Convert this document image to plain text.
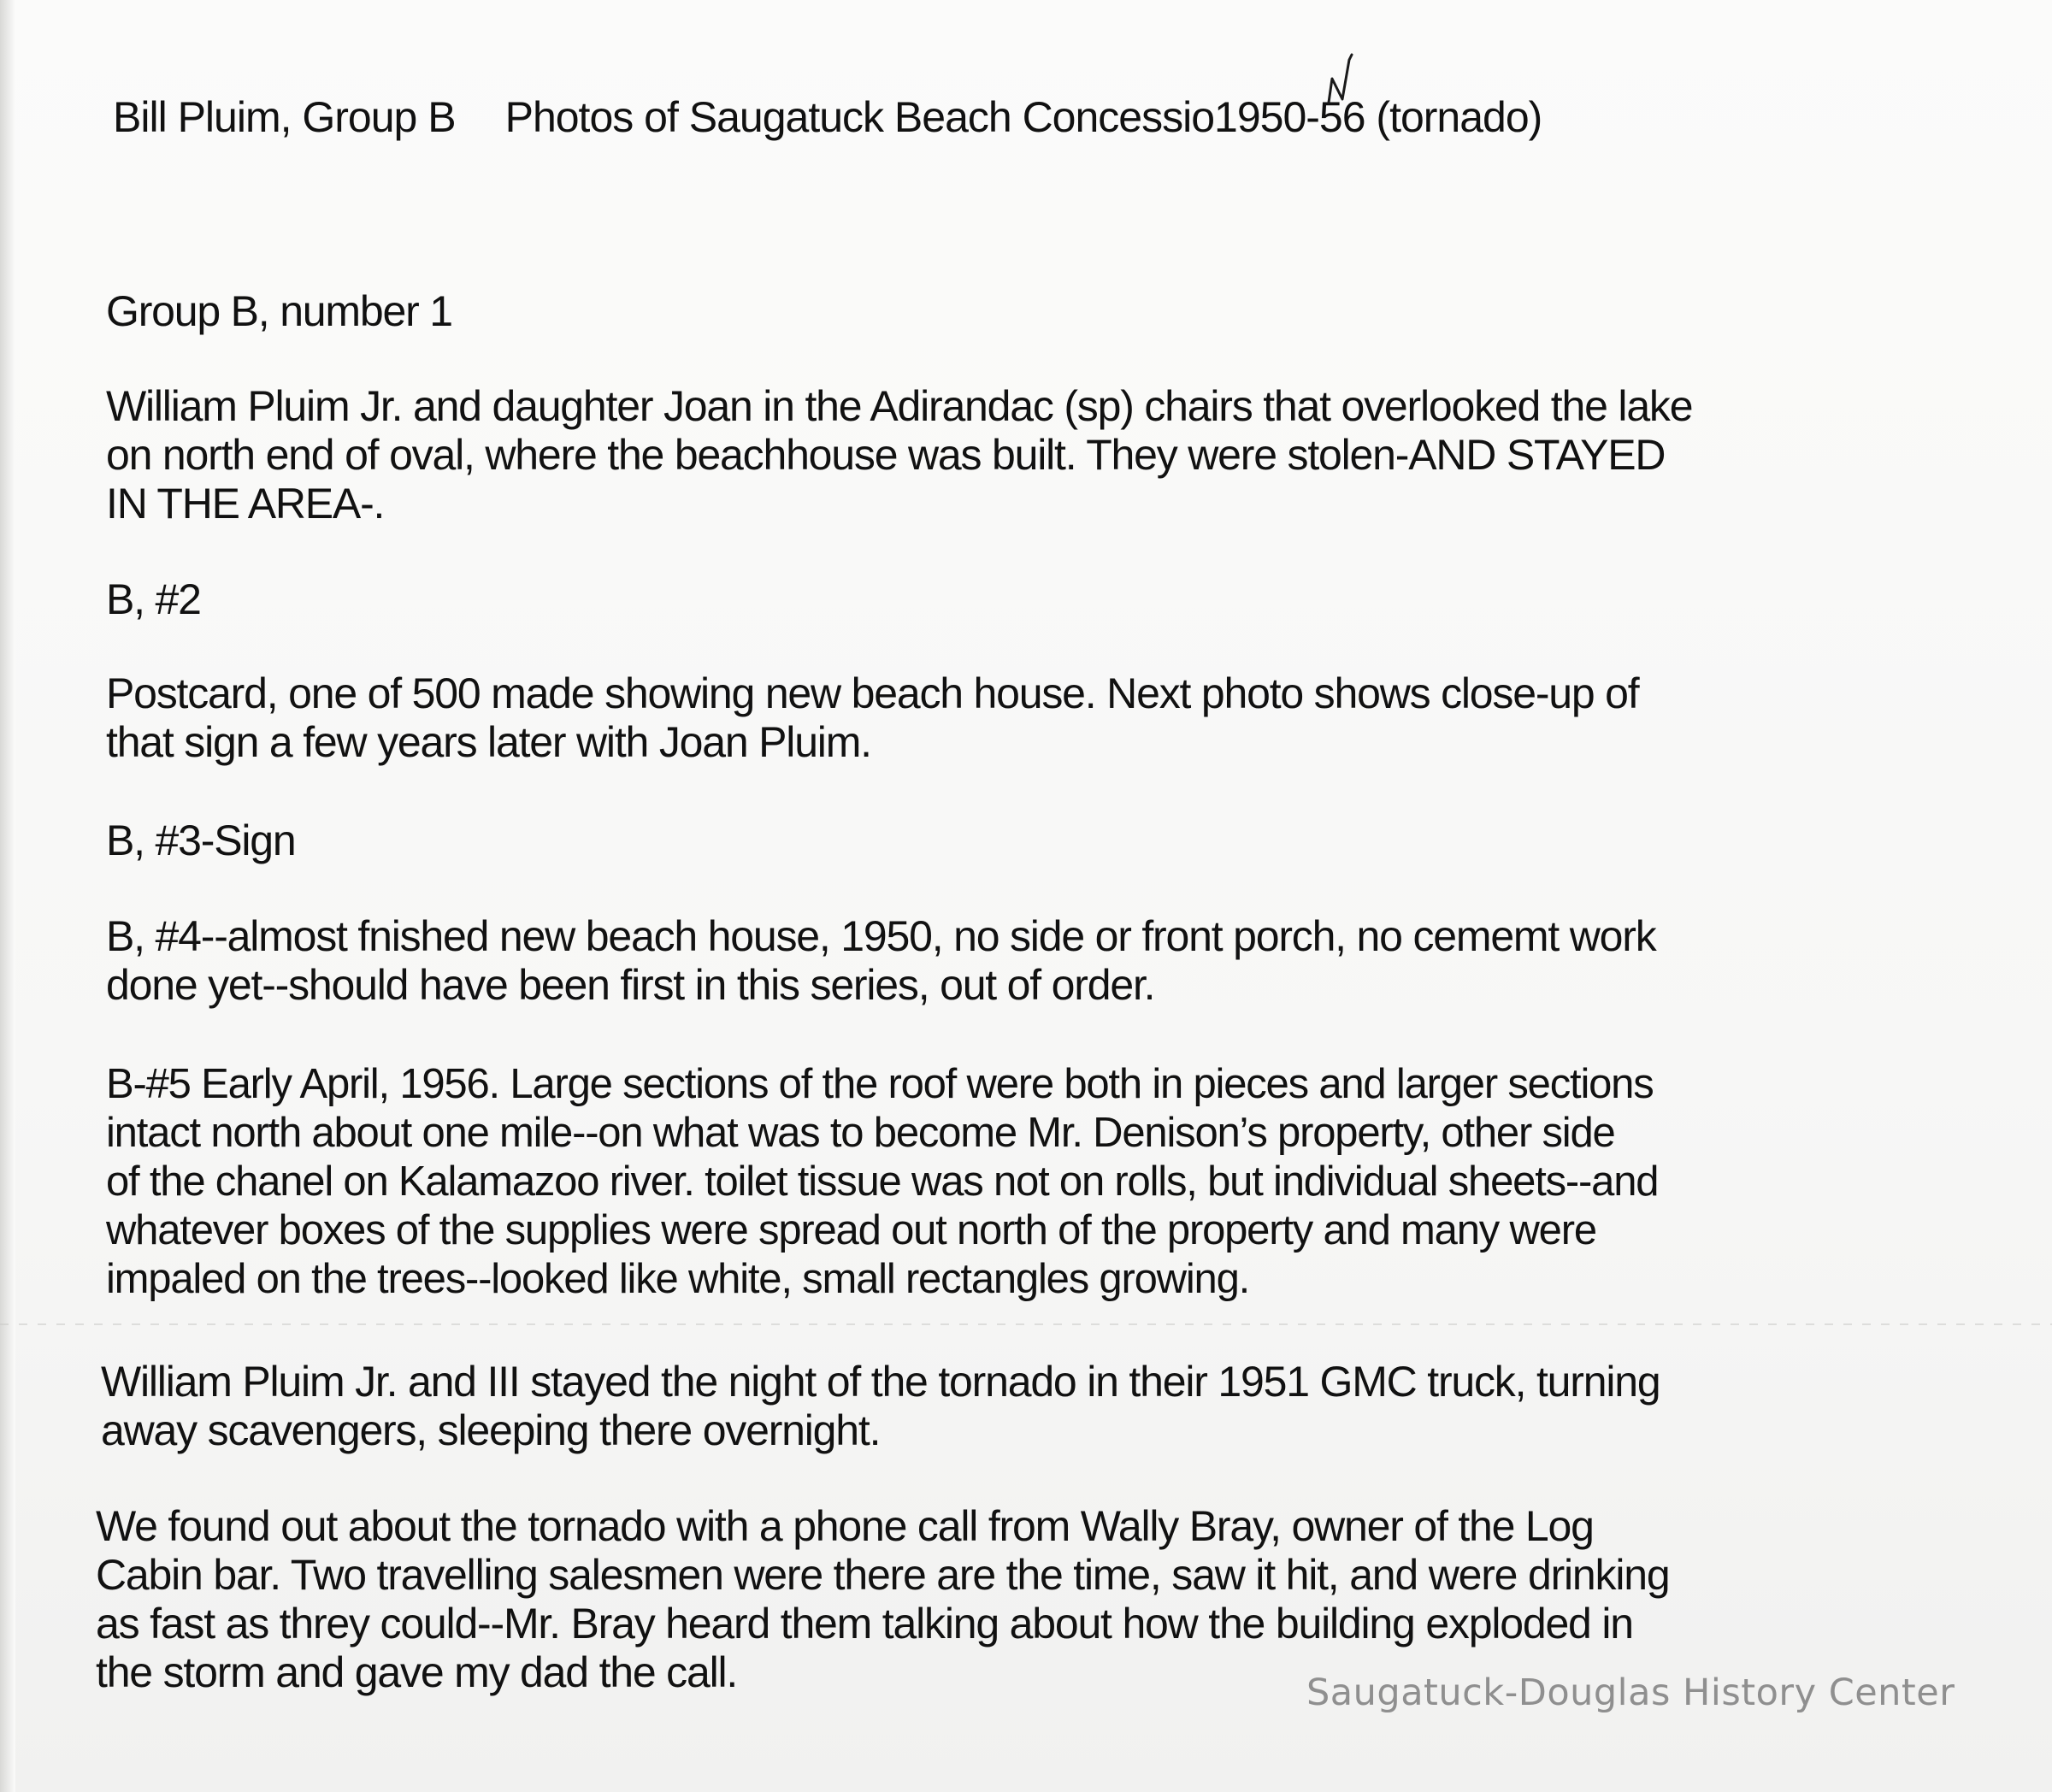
Bill Pluim, Group B Photos of Saugatuck Beach Concessio1950-56 (tornado)
Group B, number 1
William Pluim Jr. and daughter Joan in the Adirandac (sp) chairs that overlooked the lake
on north end of oval, where the beachhouse was built. They were stolen-AND STAYED
IN THE AREA-.
B, #2
Postcard, one of 500 made showing new beach house. Next photo shows close-up of
that sign a few years later with Joan Pluim.
B, #3-Sign
B, #4--almost fnished new beach house, 1950, no side or front porch, no cememt work
done yet--should have been first in this series, out of order.
B-#5 Early April, 1956. Large sections of the roof were both in pieces and larger sections
intact north about one mile--on what was to become Mr. Denison’s property, other side
of the chanel on Kalamazoo river. toilet tissue was not on rolls, but individual sheets--and
whatever boxes of the supplies were spread out north of the property and many were
impaled on the trees--looked like white, small rectangles growing.
William Pluim Jr. and III stayed the night of the tornado in their 1951 GMC truck, turning
away scavengers, sleeping there overnight.
We found out about the tornado with a phone call from Wally Bray, owner of the Log
Cabin bar. Two travelling salesmen were there are the time, saw it hit, and were drinking
as fast as threy could--Mr. Bray heard them talking about how the building exploded in
the storm and gave my dad the call.	Saugatuck-Douglas History Center
